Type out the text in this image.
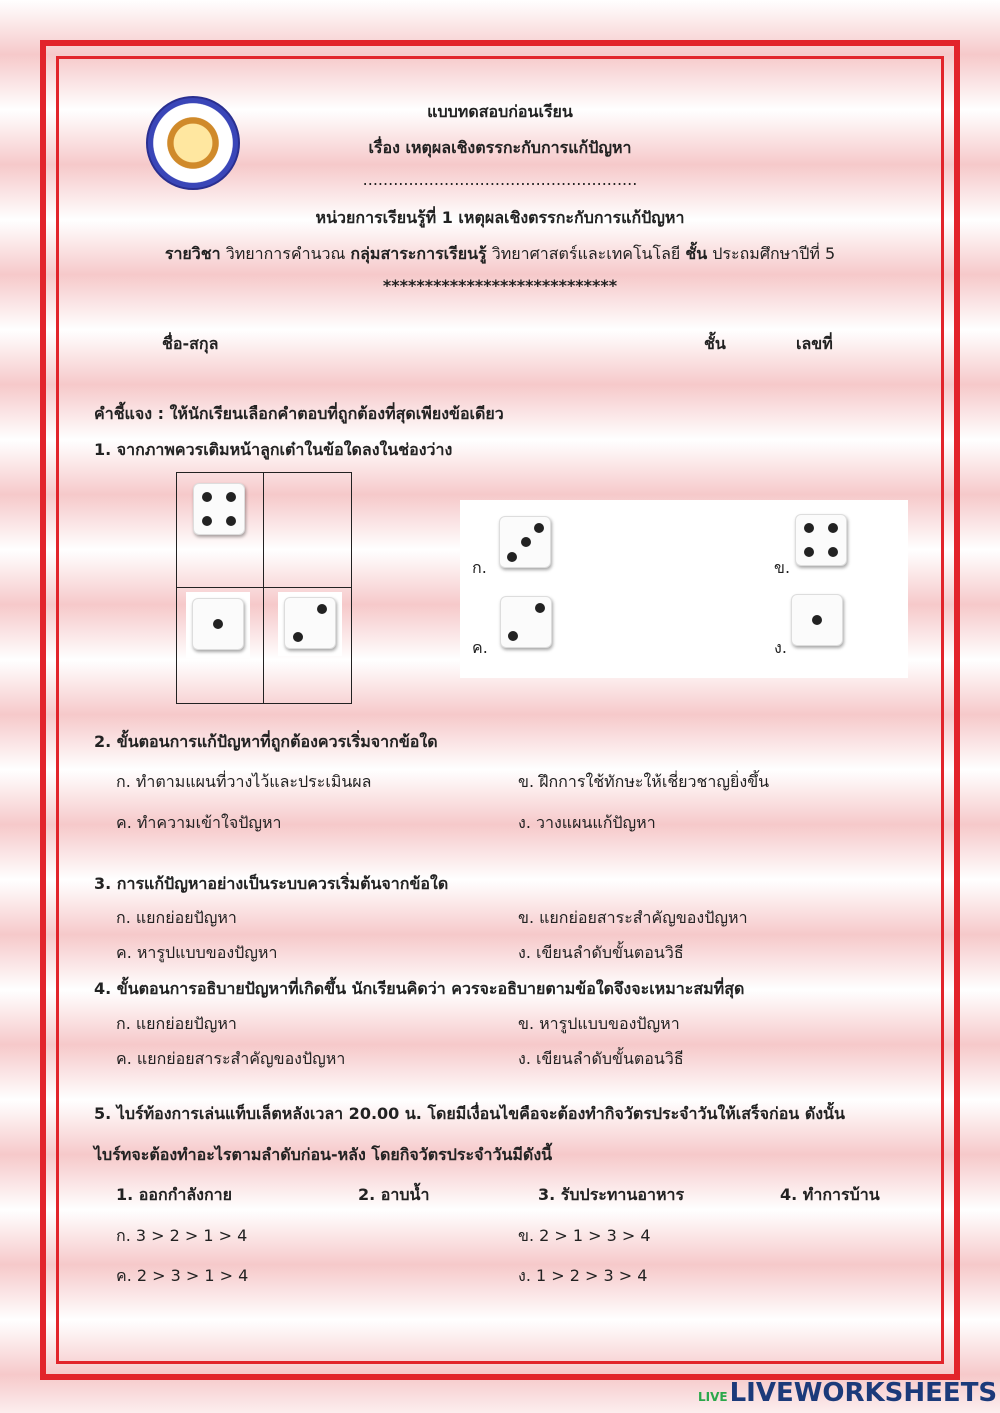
แบบทดสอบก่อนเรียน
เรื่อง เหตุผลเชิงตรรกะกับการแก้ปัญหา
......................................................
หน่วยการเรียนรู้ที่ 1 เหตุผลเชิงตรรกะกับการแก้ปัญหา
รายวิชา วิทยาการคำนวณ กลุ่มสาระการเรียนรู้ วิทยาศาสตร์และเทคโนโลยี ชั้น ประถมศึกษาปีที่ 5
****************************
ชื่อ-สกุล	ชั้น	เลขที่
คำชี้แจง : ให้นักเรียนเลือกคำตอบที่ถูกต้องที่สุดเพียงข้อเดียว
1. จากภาพควรเติมหน้าลูกเต๋าในข้อใดลงในช่องว่าง
ก.	ข.
ค.	ง.
2. ขั้นตอนการแก้ปัญหาที่ถูกต้องควรเริ่มจากข้อใด
ก. ทำตามแผนที่วางไว้และประเมินผล	ข. ฝึกการใช้ทักษะให้เชี่ยวชาญยิ่งขึ้น
ค. ทำความเข้าใจปัญหา	ง. วางแผนแก้ปัญหา
3. การแก้ปัญหาอย่างเป็นระบบควรเริ่มต้นจากข้อใด
ก. แยกย่อยปัญหา	ข. แยกย่อยสาระสำคัญของปัญหา
ค. หารูปแบบของปัญหา	ง. เขียนลำดับขั้นตอนวิธี
4. ขั้นตอนการอธิบายปัญหาที่เกิดขึ้น นักเรียนคิดว่า ควรจะอธิบายตามข้อใดจึงจะเหมาะสมที่สุด
ก. แยกย่อยปัญหา	ข. หารูปแบบของปัญหา
ค. แยกย่อยสาระสำคัญของปัญหา	ง. เขียนลำดับขั้นตอนวิธี
5. ไบร์ท้องการเล่นแท็บเล็ตหลังเวลา 20.00 น. โดยมีเงื่อนไขคือจะต้องทำกิจวัตรประจำวันให้เสร็จก่อน ดังนั้น
ไบร์ทจะต้องทำอะไรตามลำดับก่อน-หลัง โดยกิจวัตรประจำวันมีดังนี้
1. ออกกำลังกาย	2. อาบน้ำ	3. รับประทานอาหาร	4. ทำการบ้าน
ก. 3 > 2 > 1 > 4	ข. 2 > 1 > 3 > 4
ค. 2 > 3 > 1 > 4	ง. 1 > 2 > 3 > 4
LIVELIVEWORKSHEETS
